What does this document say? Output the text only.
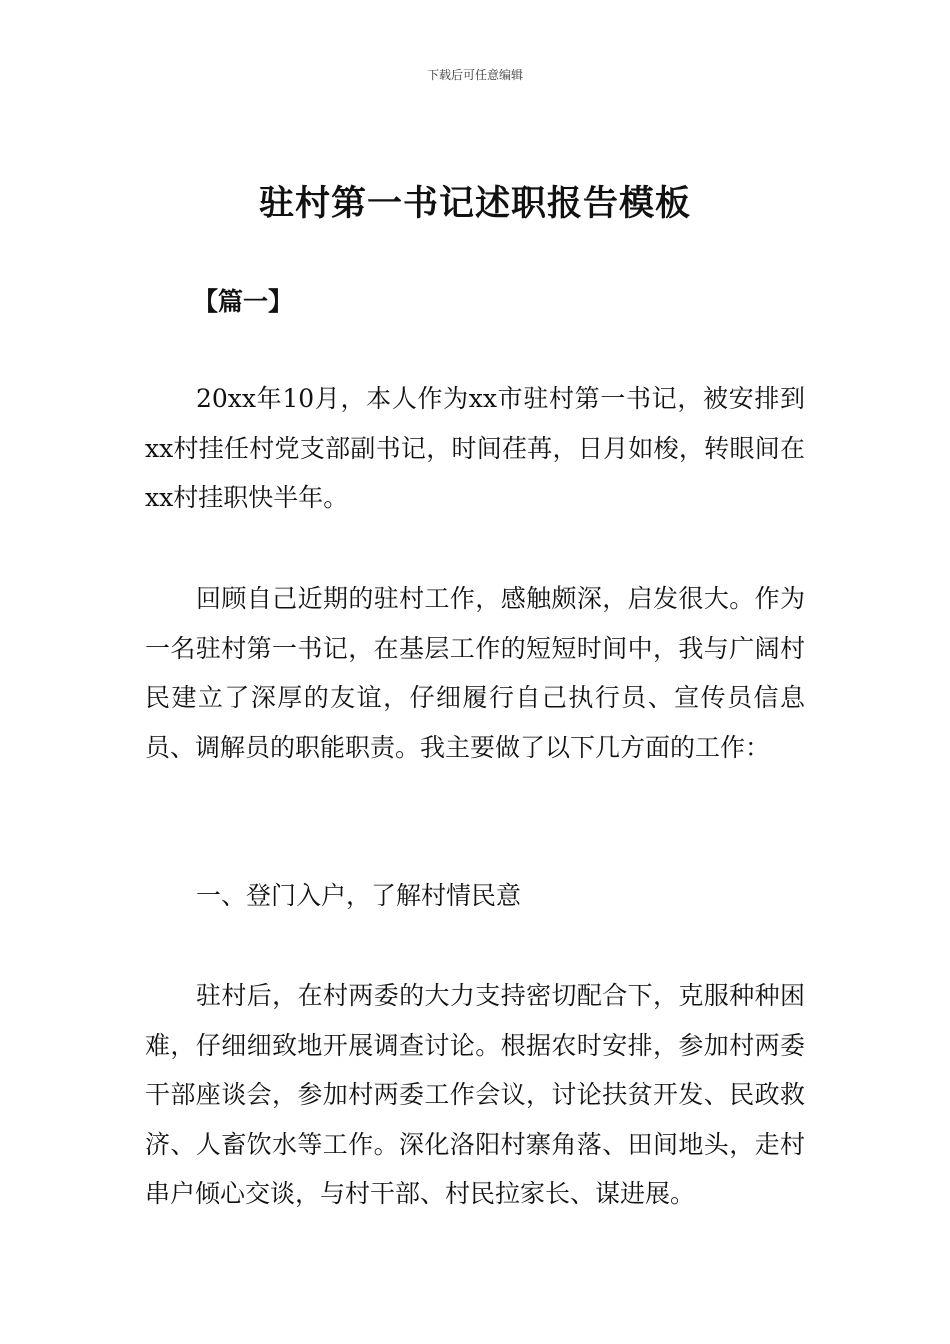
下载后可任意编辑
驻村第一书记述职报告模板
【篇一】

20xx年10月，本人作为xx市驻村第一书记，被安排到xx村挂任村党支部副书记，时间荏苒，日月如梭，转眼间在xx村挂职快半年。

回顾自己近期的驻村工作，感触颇深，启发很大。作为一名驻村第一书记，在基层工作的短短时间中，我与广阔村民建立了深厚的友谊，仔细履行自己执行员、宣传员信息员、调解员的职能职责。我主要做了以下几方面的工作：

一、登门入户，了解村情民意

驻村后，在村两委的大力支持密切配合下，克服种种困难，仔细细致地开展调查讨论。根据农时安排，参加村两委干部座谈会，参加村两委工作会议，讨论扶贫开发、民政救济、人畜饮水等工作。深化洛阳村寨角落、田间地头，走村串户倾心交谈，与村干部、村民拉家长、谋进展。
